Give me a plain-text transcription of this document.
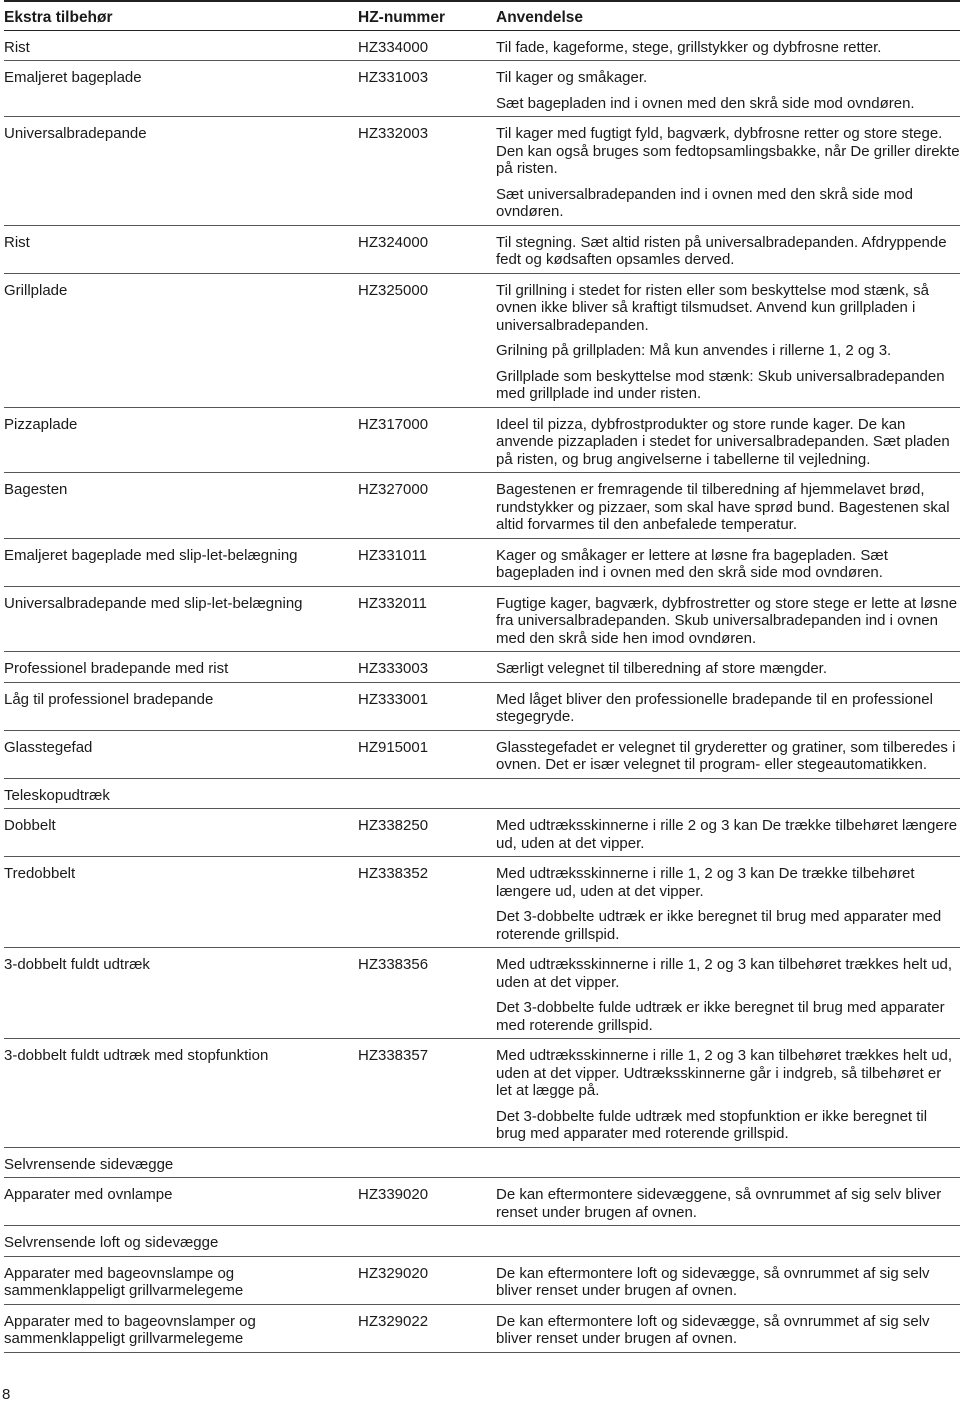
Ekstra tilbehør	HZ-nummer	Anvendelse
Rist	HZ334000	Til fade, kageforme, stege, grillstykker og dybfrosne retter.

Emaljeret bageplade	HZ331003	Til kager og småkager.

Sæt bagepladen ind i ovnen med den skrå side mod ovndøren.

Universalbradepande	HZ332003	Til kager med fugtigt fyld, bagværk, dybfrosne retter og store stege. Den kan også bruges som fedtopsamlingsbakke, når De griller direkte på risten.

Sæt universalbradepanden ind i ovnen med den skrå side mod ovndøren.

Rist	HZ324000	Til stegning. Sæt altid risten på universalbradepanden. Afdryppende fedt og kødsaften opsamles derved.

Grillplade	HZ325000	Til grillning i stedet for risten eller som beskyttelse mod stænk, så ovnen ikke bliver så kraftigt tilsmudset. Anvend kun grillpladen i universalbradepanden.

Grilning på grillpladen: Må kun anvendes i rillerne 1, 2 og 3.

Grillplade som beskyttelse mod stænk: Skub universalbradepanden med grillplade ind under risten.

Pizzaplade	HZ317000	Ideel til pizza, dybfrostprodukter og store runde kager. De kan anvende pizzapladen i stedet for universalbradepanden. Sæt pladen på risten, og brug angivelserne i tabellerne til vejledning.

Bagesten	HZ327000	Bagestenen er fremragende til tilberedning af hjemmelavet brød, rundstykker og pizzaer, som skal have sprød bund. Bagestenen skal altid forvarmes til den anbefalede temperatur.

Emaljeret bageplade med slip-let-belægning	HZ331011	Kager og småkager er lettere at løsne fra bagepladen. Sæt bagepladen ind i ovnen med den skrå side mod ovndøren.

Universalbradepande med slip-let-belægning	HZ332011	Fugtige kager, bagværk, dybfrostretter og store stege er lette at løsne fra universalbradepanden. Skub universalbradepanden ind i ovnen med den skrå side hen imod ovndøren.

Professionel bradepande med rist	HZ333003	Særligt velegnet til tilberedning af store mængder.

Låg til professionel bradepande	HZ333001	Med låget bliver den professionelle bradepande til en professionel stegegryde.

Glasstegefad	HZ915001	Glasstegefadet er velegnet til gryderetter og gratiner, som tilberedes i ovnen. Det er især velegnet til program- eller stegeautomatikken.

Teleskopudtræk		
Dobbelt	HZ338250	Med udtræksskinnerne i rille 2 og 3 kan De trække tilbehøret længere ud, uden at det vipper.

Tredobbelt	HZ338352	Med udtræksskinnerne i rille 1, 2 og 3 kan De trække tilbehøret længere ud, uden at det vipper.

Det 3-dobbelte udtræk er ikke beregnet til brug med apparater med roterende grillspid.

3-dobbelt fuldt udtræk	HZ338356	Med udtræksskinnerne i rille 1, 2 og 3 kan tilbehøret trækkes helt ud, uden at det vipper.

Det 3-dobbelte fulde udtræk er ikke beregnet til brug med apparater med roterende grillspid.

3-dobbelt fuldt udtræk med stopfunktion	HZ338357	Med udtræksskinnerne i rille 1, 2 og 3 kan tilbehøret trækkes helt ud, uden at det vipper. Udtræksskinnerne går i indgreb, så tilbehøret er let at lægge på.

Det 3-dobbelte fulde udtræk med stopfunktion er ikke beregnet til brug med apparater med roterende grillspid.

Selvrensende sidevægge		
Apparater med ovnlampe	HZ339020	De kan eftermontere sidevæggene, så ovnrummet af sig selv bliver renset under brugen af ovnen.

Selvrensende loft og sidevægge		
Apparater med bageovnslampe og sammenklappeligt grillvarmelegeme	HZ329020	De kan eftermontere loft og sidevægge, så ovnrummet af sig selv bliver renset under brugen af ovnen.

Apparater med to bageovnslamper og sammenklappeligt grillvarmelegeme	HZ329022	De kan eftermontere loft og sidevægge, så ovnrummet af sig selv bliver renset under brugen af ovnen.

8
